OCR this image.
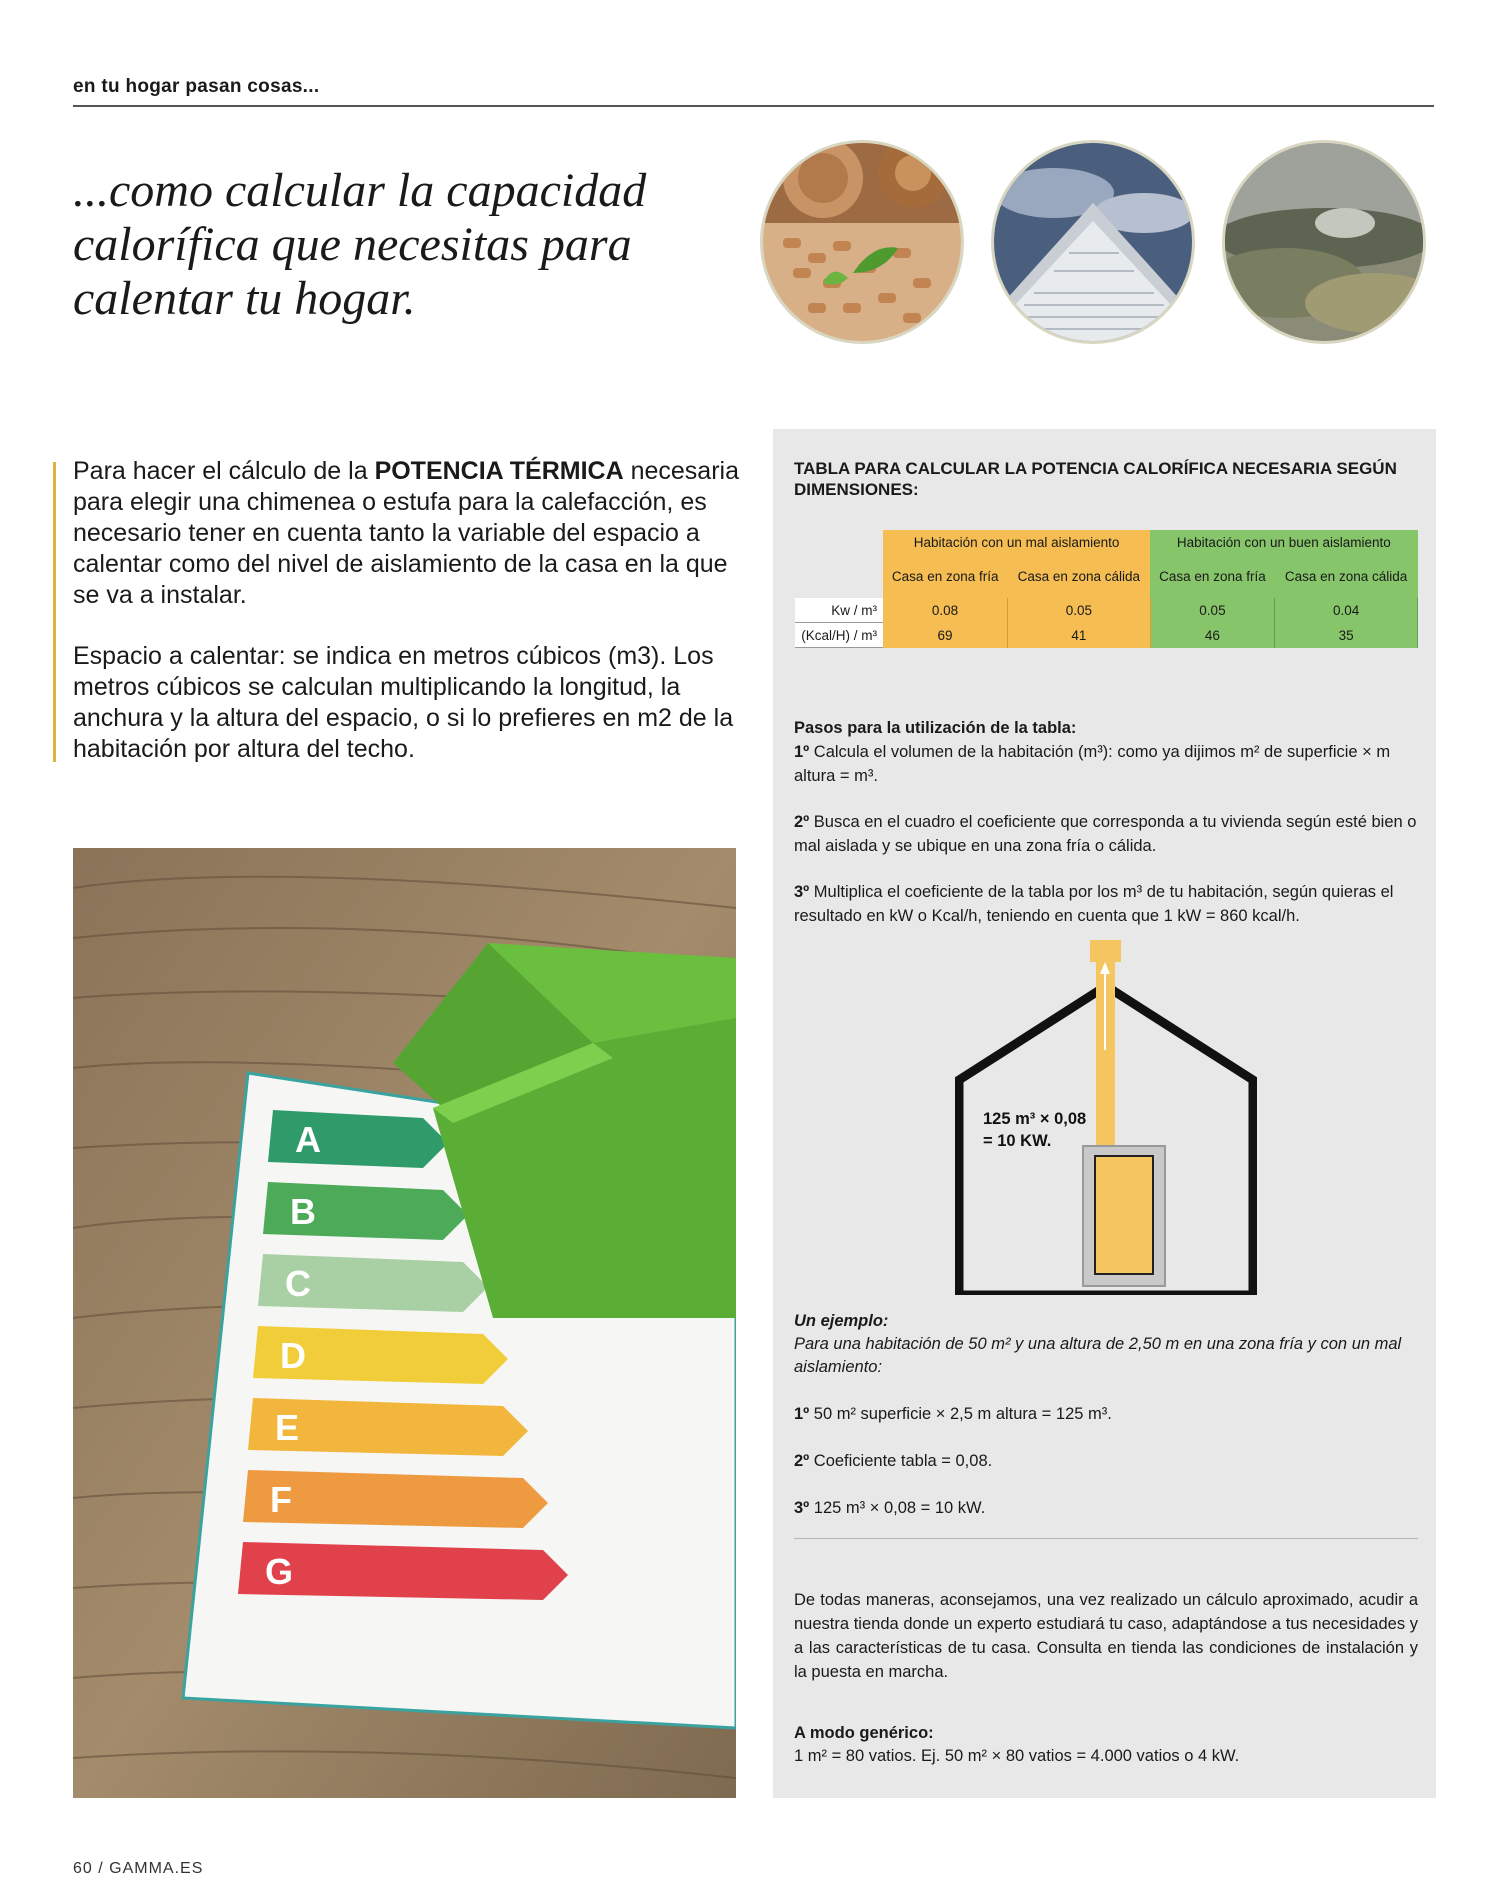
en tu hogar pasan cosas...
...como calcular la capacidad
calorífica que necesitas para
calentar tu hogar.

Para hacer el cálculo de la POTENCIA TÉRMICA necesaria para elegir una chimenea o estufa para la calefacción, es necesario tener en cuenta tanto la variable del espacio a calentar como del nivel de aislamiento de la casa en la que se va a instalar.

Espacio a calentar: se indica en metros cúbicos (m3). Los metros cúbicos se calculan multiplicando la longitud, la anchura y la altura del espacio, o si lo prefieres en m2 de la habitación por altura del techo.

A
B
C
D
E
F
G
TABLA PARA CALCULAR LA POTENCIA CALORÍFICA NECESARIA SEGÚN DIMENSIONES:
	Habitación con un mal aislamiento		Habitación con un buen aislamiento	
	Casa en zona fría	Casa en zona cálida	Casa en zona fría	Casa en zona cálida
Kw / m³	0.08	0.05	0.05	0.04
(Kcal/H) / m³	69	41	46	35

Pasos para la utilización de la tabla:

1º Calcula el volumen de la habitación (m³): como ya dijimos m² de superficie × m altura = m³.

2º Busca en el cuadro el coeficiente que corresponda a tu vivienda según esté bien o mal aislada y se ubique en una zona fría o cálida.

3º Multiplica el coeficiente de la tabla por los m³ de tu habitación, según quieras el resultado en kW o Kcal/h, teniendo en cuenta que 1 kW = 860 kcal/h.

125 m³ × 0,08
= 10 KW.

Un ejemplo:

Para una habitación de 50 m² y una altura de 2,50 m en una zona fría y con un mal aislamiento:

1º 50 m² superficie × 2,5 m altura = 125 m³.

2º Coeficiente tabla = 0,08.

3º 125 m³ × 0,08 = 10 kW.

De todas maneras, aconsejamos, una vez realizado un cálculo aproximado, acudir a nuestra tienda donde un experto estudiará tu caso, adaptándose a tus necesidades y a las características de tu casa. Consulta en tienda las condiciones de instalación y la puesta en marcha.
A modo genérico:
1 m² = 80 vatios. Ej. 50 m² × 80 vatios = 4.000 vatios o 4 kW.
60 / GAMMA.ES
